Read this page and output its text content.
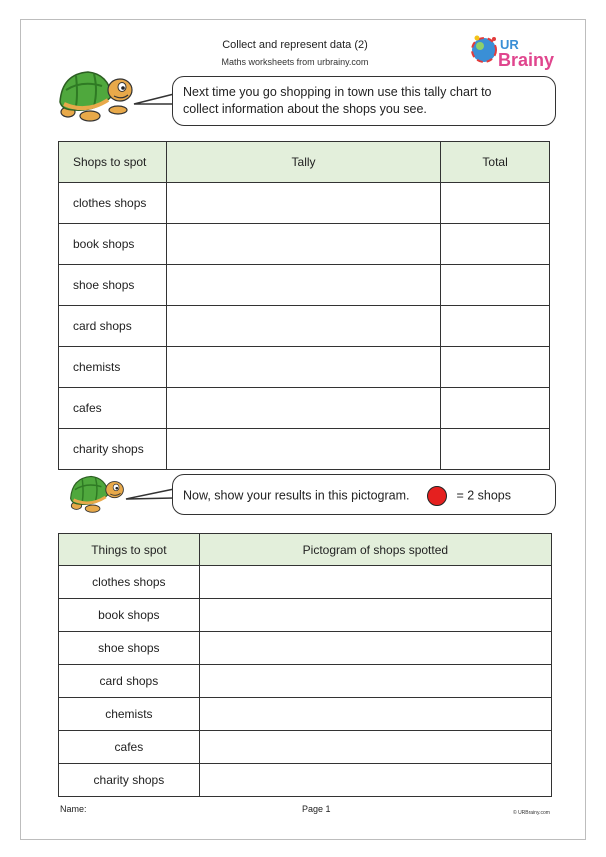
Collect and represent data (2)
Maths worksheets from urbrainy.com
UR
Brainy
Next time you go shopping in town use this tally chart to
collect information about the shops you see.
Shops to spot	Tally	Total
clothes shops		
book shops		
shoe shops		
card shops		
chemists		
cafes		
charity shops		
Now, show your results in this pictogram.	= 2 shops
Things to spot	Pictogram of shops spotted
clothes shops	
book shops	
shoe shops	
card shops	
chemists	
cafes	
charity shops	
Name:	Page 1	© URBrainy.com
